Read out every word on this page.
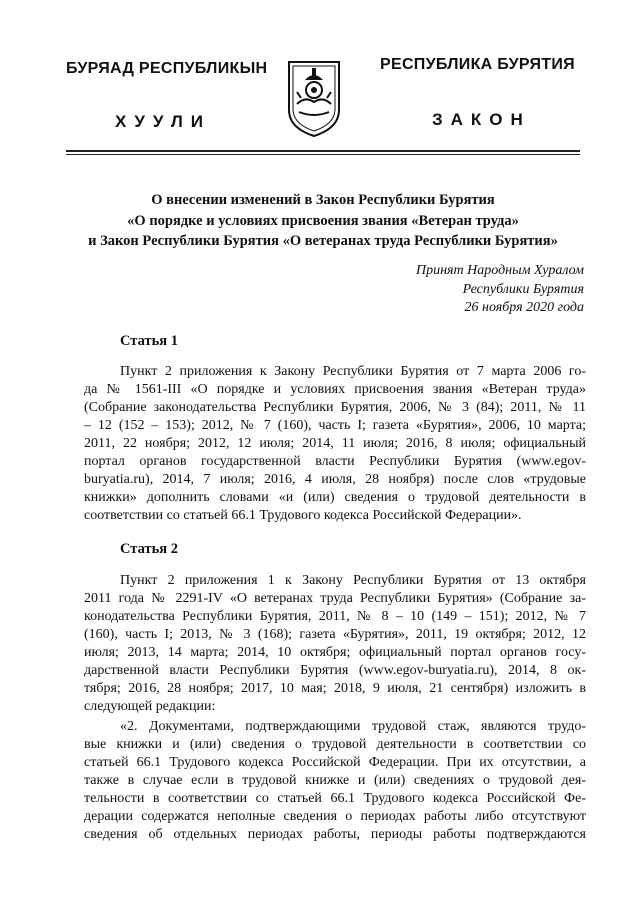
БУРЯАД РЕСПУБЛИКЫН
ХУУЛИ
РЕСПУБЛИКА БУРЯТИЯ
ЗАКОН
О внесении изменений в Закон Республики Бурятия
«О порядке и условиях присвоения звания «Ветеран труда»
и Закон Республики Бурятия «О ветеранах труда Республики Бурятия»
Принят Народным Хуралом
Республики Бурятия
26 ноября 2020 года
Статья 1
Пункт 2 приложения к Закону Республики Бурятия от 7 марта 2006 го-
да № 1561-III «О порядке и условиях присвоения звания «Ветеран труда»
(Собрание законодательства Республики Бурятия, 2006, № 3 (84); 2011, № 11
– 12 (152 – 153); 2012, № 7 (160), часть I; газета «Бурятия», 2006, 10 марта;
2011, 22 ноября; 2012, 12 июля; 2014, 11 июля; 2016, 8 июля; официальный
портал органов государственной власти Республики Бурятия (www.egov-
buryatia.ru), 2014, 7 июля; 2016, 4 июля, 28 ноября) после слов «трудовые
книжки» дополнить словами «и (или) сведения о трудовой деятельности в
соответствии со статьей 66.1 Трудового кодекса Российской Федерации».
Статья 2
Пункт 2 приложения 1 к Закону Республики Бурятия от 13 октября
2011 года № 2291-IV «О ветеранах труда Республики Бурятия» (Собрание за-
конодательства Республики Бурятия, 2011, № 8 – 10 (149 – 151); 2012, № 7
(160), часть I; 2013, № 3 (168); газета «Бурятия», 2011, 19 октября; 2012, 12
июля; 2013, 14 марта; 2014, 10 октября; официальный портал органов госу-
дарственной власти Республики Бурятия (www.egov-buryatia.ru), 2014, 8 ок-
тября; 2016, 28 ноября; 2017, 10 мая; 2018, 9 июля, 21 сентября) изложить в
следующей редакции:
«2. Документами, подтверждающими трудовой стаж, являются трудо-
вые книжки и (или) сведения о трудовой деятельности в соответствии со
статьей 66.1 Трудового кодекса Российской Федерации. При их отсутствии, а
также в случае если в трудовой книжке и (или) сведениях о трудовой дея-
тельности в соответствии со статьей 66.1 Трудового кодекса Российской Фе-
дерации содержатся неполные сведения о периодах работы либо отсутствуют
сведения об отдельных периодах работы, периоды работы подтверждаются
